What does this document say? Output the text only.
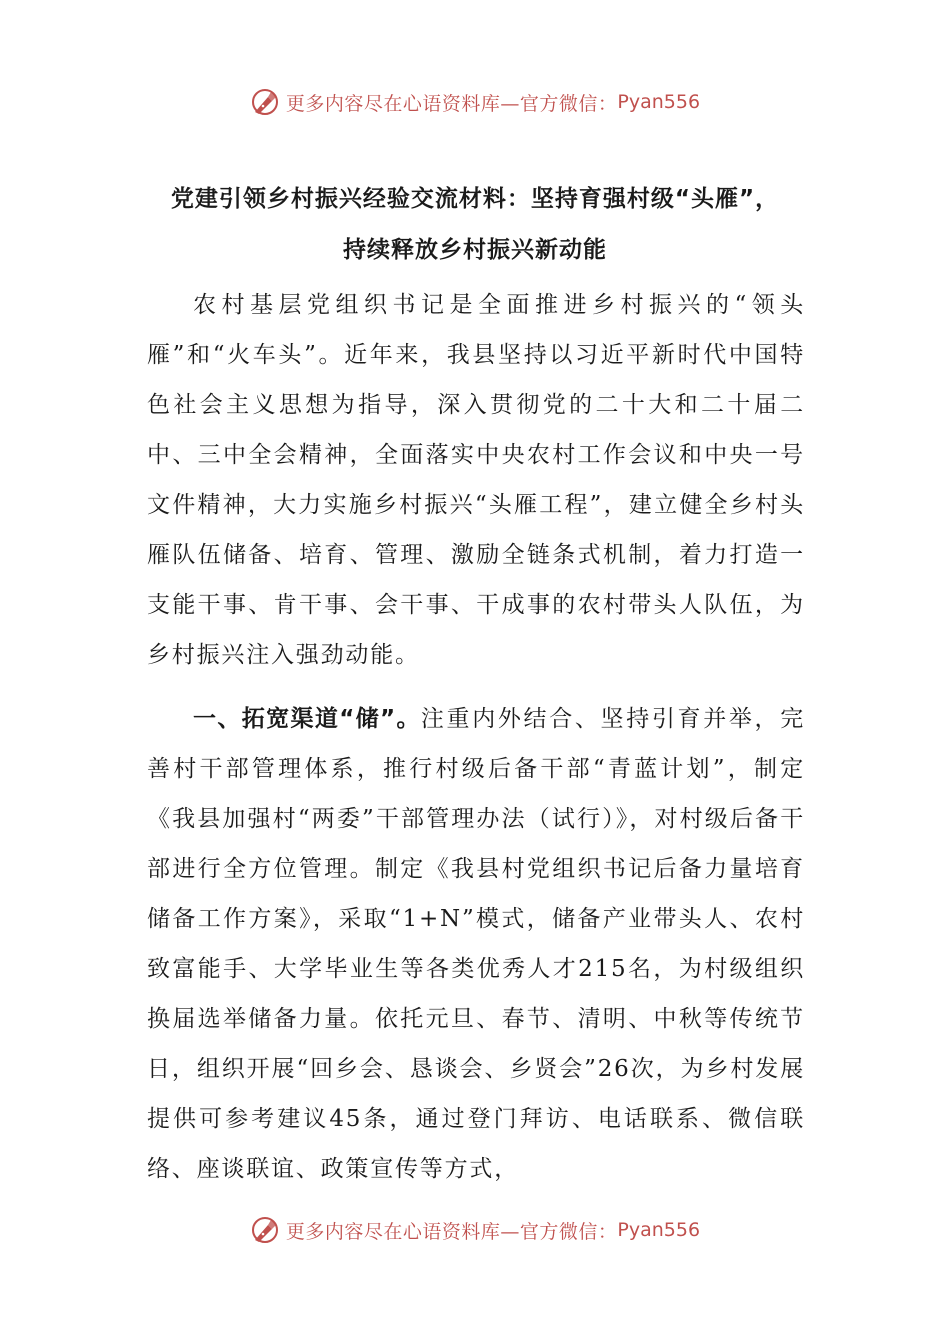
更多内容尽在心语资料库—官方微信： Pyan556
党建引领乡村振兴经验交流材料：坚持育强村级“头雁”，
持续释放乡村振兴新动能

农村基层党组织书记是全面推进乡村振兴的“领头雁”和“火车头”。近年来，我县坚持以习近平新时代中国特色社会主义思想为指导，深入贯彻党的二十大和二十届二中、三中全会精神，全面落实中央农村工作会议和中央一号文件精神，大力实施乡村振兴“头雁工程”，建立健全乡村头雁队伍储备、培育、管理、激励全链条式机制，着力打造一支能干事、肯干事、会干事、干成事的农村带头人队伍，为乡村振兴注入强劲动能。

一、拓宽渠道“储”。注重内外结合、坚持引育并举，完善村干部管理体系，推行村级后备干部“青蓝计划”，制定《我县加强村“两委”干部管理办法（试行）》，对村级后备干部进行全方位管理。制定《我县村党组织书记后备力量培育储备工作方案》，采取“1+N”模式，储备产业带头人、农村致富能手、大学毕业生等各类优秀人才215名，为村级组织换届选举储备力量。依托元旦、春节、清明、中秋等传统节日，组织开展“回乡会、恳谈会、乡贤会”26次，为乡村发展提供可参考建议45条，通过登门拜访、电话联系、微信联络、座谈联谊、政策宣传等方式，

更多内容尽在心语资料库—官方微信： Pyan556
